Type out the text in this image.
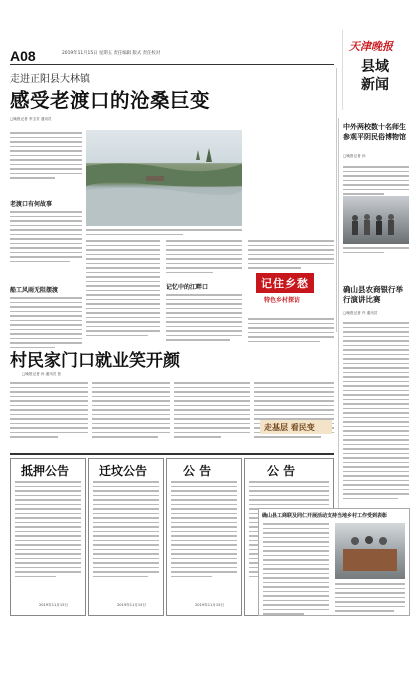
A08	2019年11月15日 星期五 责任编辑 版式 责任校对
天津晚报
县域新闻
走进正阳县大林镇
感受老渡口的沧桑巨变
□晚报记者 李玉芳 通讯员
老渡口有何故事
船工风雨无阻摆渡	记忆中的江畔口	记住乡愁
特色乡村探访
中外两校数十名师生参观平阴民俗博物馆
□晚报记者 孙
确山县农商银行举行演讲比赛
□晚报记者 许 通讯员
村民家门口就业笑开颜
□晚报记者 孙 通讯员 张
走基层 看民变
抵押公告
2019年11月15日
迁坟公告
2019年11月15日
公 告
2019年11月15日
公 告
确山县工商联及同仁开展活动支持当地乡村工作受到表彰
